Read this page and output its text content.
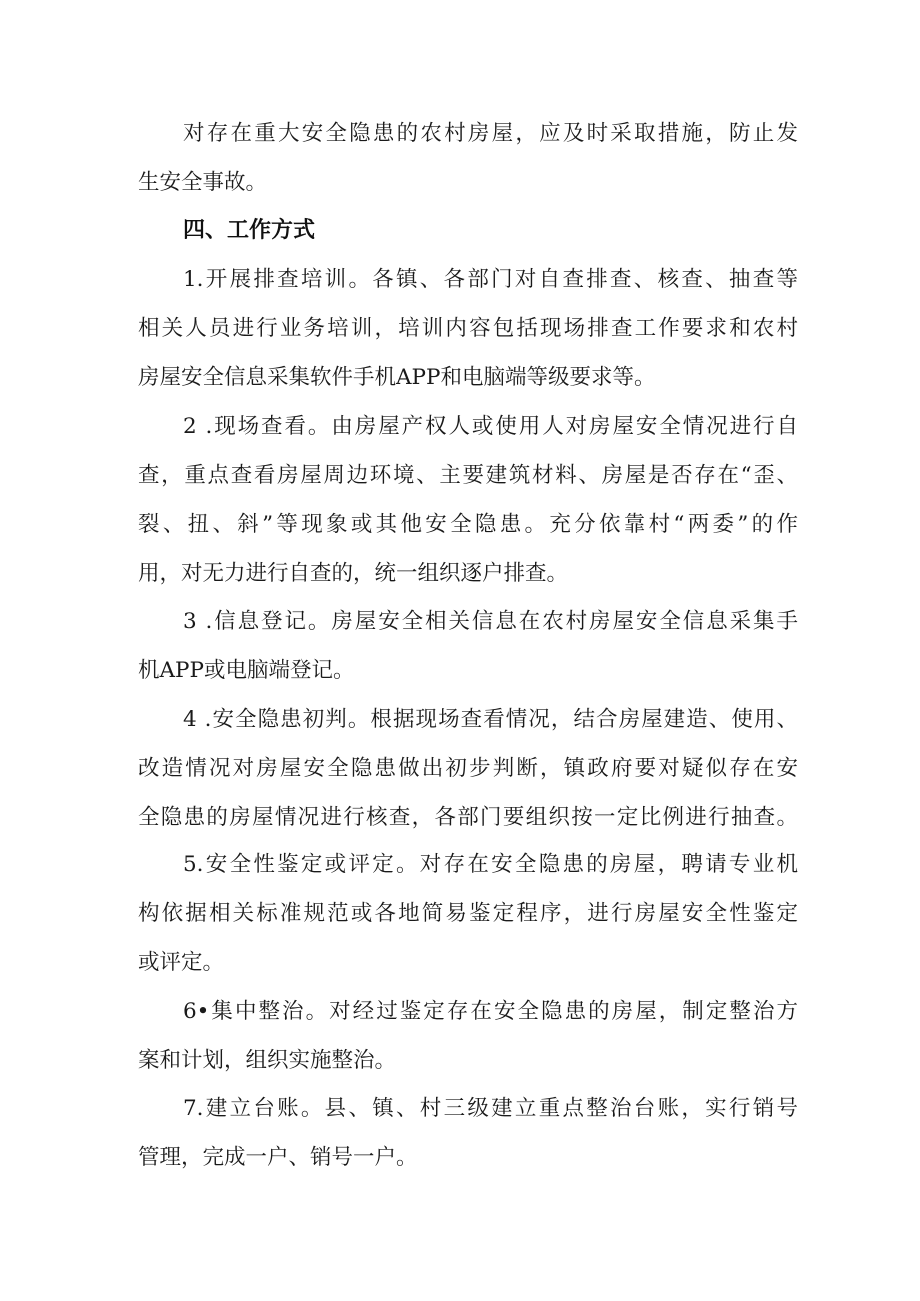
对存在重大安全隐患的农村房屋，应及时采取措施，防止发
生安全事故。
四、工作方式
1.开展排查培训。各镇、各部门对自查排查、核查、抽查等
相关人员进行业务培训，培训内容包括现场排查工作要求和农村
房屋安全信息采集软件手机APP和电脑端等级要求等。
2 .现场查看。由房屋产权人或使用人对房屋安全情况进行自
查，重点查看房屋周边环境、主要建筑材料、房屋是否存在“歪、
裂、扭、斜”等现象或其他安全隐患。充分依靠村“两委”的作
用，对无力进行自查的，统一组织逐户排查。
3 .信息登记。房屋安全相关信息在农村房屋安全信息采集手
机APP或电脑端登记。
4 .安全隐患初判。根据现场查看情况，结合房屋建造、使用、
改造情况对房屋安全隐患做出初步判断，镇政府要对疑似存在安
全隐患的房屋情况进行核查，各部门要组织按一定比例进行抽查。
5.安全性鉴定或评定。对存在安全隐患的房屋，聘请专业机
构依据相关标准规范或各地简易鉴定程序，进行房屋安全性鉴定
或评定。
6•集中整治。对经过鉴定存在安全隐患的房屋，制定整治方
案和计划，组织实施整治。
7.建立台账。县、镇、村三级建立重点整治台账，实行销号
管理，完成一户、销号一户。
